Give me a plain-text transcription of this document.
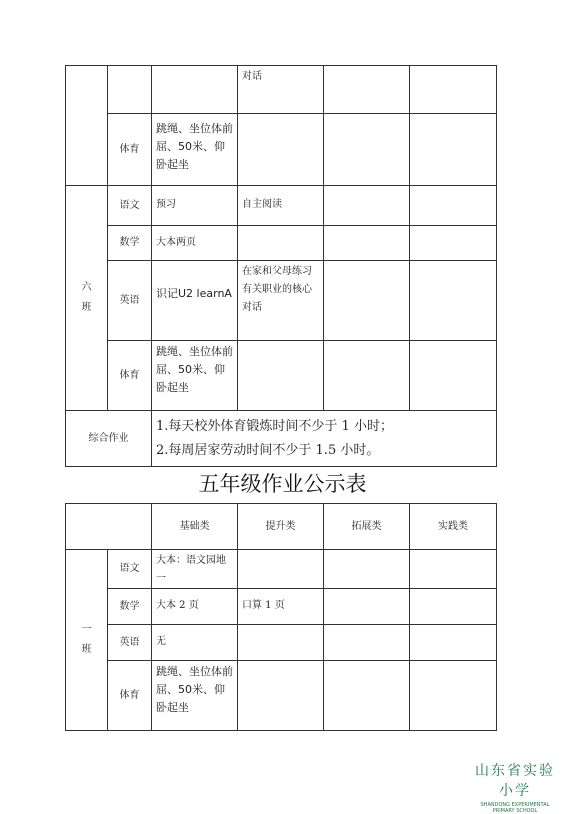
			对话		
	体育	跳绳、坐位体前屈、50米、仰卧起坐			
六班	语文	预习	自主阅读		
	数学	大本两页			
	英语	识记U2 learnA	在家和父母练习有关职业的核心对话		
	体育	跳绳、坐位体前屈、50米、仰卧起坐			
综合作业		1.每天校外体育锻炼时间不少于 1 小时；
2.每周居家劳动时间不少于 1.5 小时。			
五年级作业公示表
		基础类	提升类	拓展类	实践类
一班	语文	大本：语文园地一			
	数学	大本 2 页	口算 1 页		
	英语	无			
	体育	跳绳、坐位体前屈、50米、仰卧起坐			
山东省实验小学
SHANDONG EXPERIMENTAL PRIMARY SCHOOL
